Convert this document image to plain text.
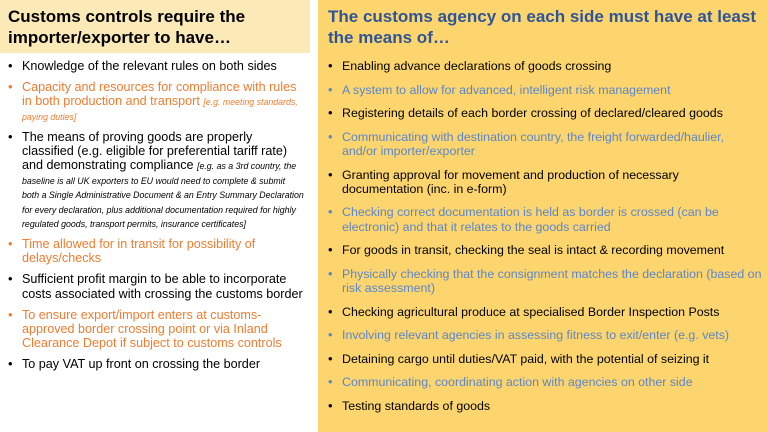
Customs controls require the importer/exporter to have…
• Knowledge of the relevant rules on both sides
• Capacity and resources for compliance with rules in both production and transport [e.g. meeting standards, paying duties]
• The means of proving goods are properly classified (e.g. eligible for preferential tariff rate) and demonstrating compliance [e.g. as a 3rd country, the baseline is all UK exporters to EU would need to complete & submit both a Single Administrative Document & an Entry Summary Declaration for every declaration, plus additional documentation required for highly regulated goods, transport permits, insurance certificates]
• Time allowed for in transit for possibility of delays/checks
• Sufficient profit margin to be able to incorporate costs associated with crossing the customs border
• To ensure export/import enters at customs-approved border crossing point or via Inland Clearance Depot if subject to customs controls
• To pay VAT up front on crossing the border
The customs agency on each side must have at least the means of…
• Enabling advance declarations of goods crossing
• A system to allow for advanced, intelligent risk management
• Registering details of each border crossing of declared/cleared goods
• Communicating with destination country, the freight forwarded/haulier, and/or importer/exporter
• Granting approval for movement and production of necessary documentation (inc. in e-form)
• Checking correct documentation is held as border is crossed (can be electronic) and that it relates to the goods carried
• For goods in transit, checking the seal is intact & recording movement
• Physically checking that the consignment matches the declaration (based on risk assessment)
• Checking agricultural produce at specialised Border Inspection Posts
• Involving relevant agencies in assessing fitness to exit/enter (e.g. vets)
• Detaining cargo until duties/VAT paid, with the potential of seizing it
• Communicating, coordinating action with agencies on other side
• Testing standards of goods
